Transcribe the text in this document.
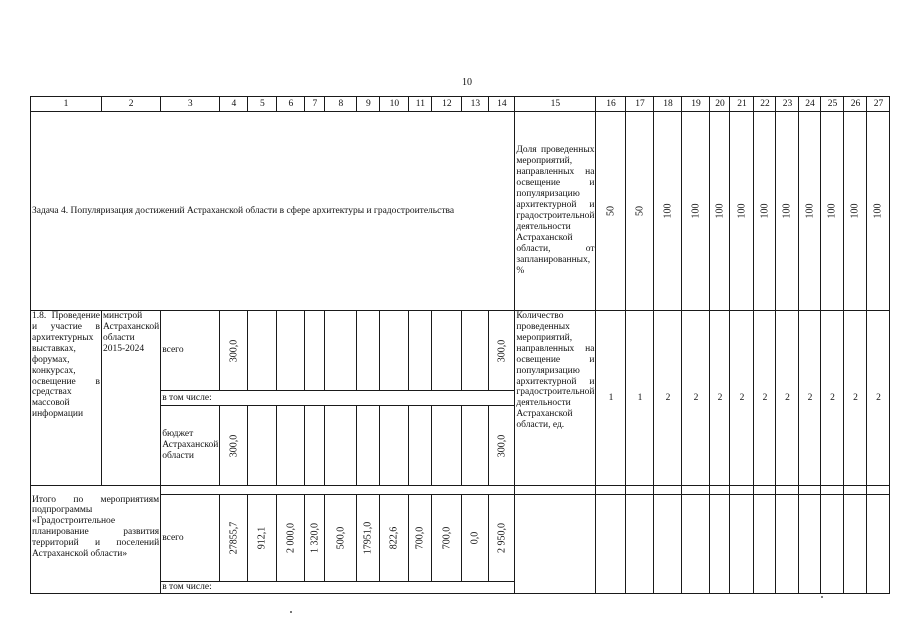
10
1	2	3	4	5	6	7	8	9	10	11	12	13	14	15	16	17	18	19	20	21	22	23	24	25	26	27
Задача 4. Популяризация достижений Астраханской области в сфере архитектуры и градостроительства														Доля проведенных мероприятий, направленных на освещение и популяризацию архитектурной и градостроительной деятельности Астраханской области, от запланированных, %	50	50	100	100	100	100	100	100	100	100	100	100

1.8. Проведение и участие в архитектурных выставках, форумах, конкурсах, освещение в средствах массовой информации	минстрой Астраханской области 2015-2024	всего	300,0										300,0	Количество проведенных мероприятий, направленных на освещение и популяризацию архитектурной и градостроительной деятельности Астраханской области, ед.	1	1	2	2	2	2	2	2	2	2	2	2
		в том числе:																								
		бюджет Астраханской области	300,0										300,0													

Итого по мероприятиям подпрограммы «Градостроительное планирование развития территорий и поселений Астраханской области»		всего	27855,7	912,1	2 000,0	1 320,0	500,0	17951,0	822,6	700,0	700,0	0,0	2 950,0													

		в том числе:																								
